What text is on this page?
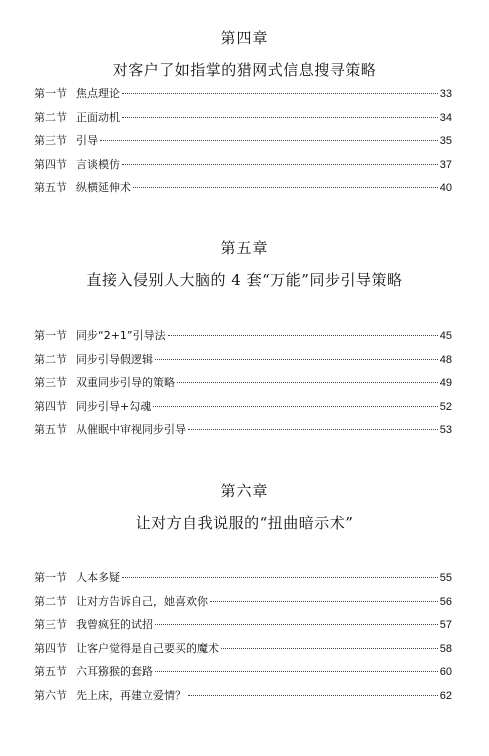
第四章

对客户了如指掌的猎网式信息搜寻策略

第一节 焦点理论	33
第二节 正面动机	34
第三节 引导	35
第四节 言谈模仿	37
第五节 纵横延伸术	40

第五章

直接入侵别人大脑的 4 套“万能”同步引导策略

第一节 同步“2+1”引导法	45
第二节 同步引导假逻辑	48
第三节 双重同步引导的策略	49
第四节 同步引导+勾魂	52
第五节 从催眠中审视同步引导	53

第六章

让对方自我说服的“扭曲暗示术”

第一节 人本多疑	55
第二节 让对方告诉自己，她喜欢你	56
第三节 我曾疯狂的试招	57
第四节 让客户觉得是自己要买的魔术	58
第五节 六耳猕猴的套路	60
第六节 先上床，再建立爱情？	62
